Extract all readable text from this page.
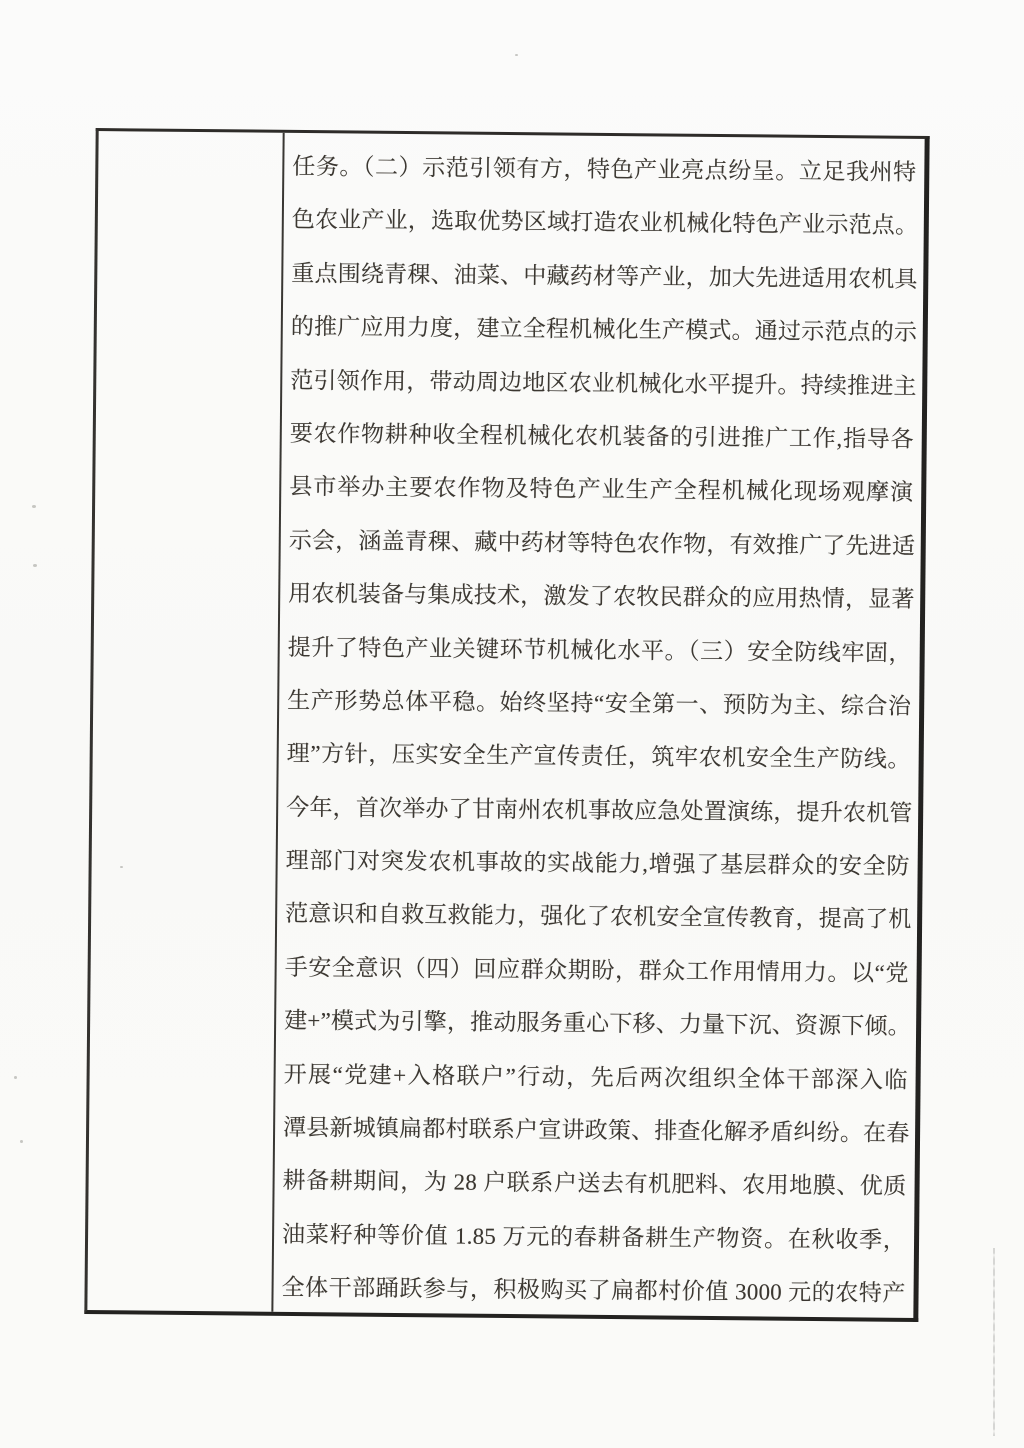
任务。（二）示范引领有方，特色产业亮点纷呈。立足我州特
色农业产业，选取优势区域打造农业机械化特色产业示范点。
重点围绕青稞、油菜、中藏药材等产业，加大先进适用农机具
的推广应用力度，建立全程机械化生产模式。通过示范点的示
范引领作用，带动周边地区农业机械化水平提升。持续推进主
要农作物耕种收全程机械化农机装备的引进推广工作,指导各
县市举办主要农作物及特色产业生产全程机械化现场观摩演
示会，涵盖青稞、藏中药材等特色农作物，有效推广了先进适
用农机装备与集成技术，激发了农牧民群众的应用热情，显著
提升了特色产业关键环节机械化水平。（三）安全防线牢固，
生产形势总体平稳。始终坚持“安全第一、预防为主、综合治
理”方针，压实安全生产宣传责任，筑牢农机安全生产防线。
今年，首次举办了甘南州农机事故应急处置演练，提升农机管
理部门对突发农机事故的实战能力,增强了基层群众的安全防
范意识和自救互救能力，强化了农机安全宣传教育，提高了机
手安全意识（四）回应群众期盼，群众工作用情用力。以“党
建+”模式为引擎，推动服务重心下移、力量下沉、资源下倾。
开展“党建+入格联户”行动，先后两次组织全体干部深入临
潭县新城镇扁都村联系户宣讲政策、排查化解矛盾纠纷。在春
耕备耕期间，为 28 户联系户送去有机肥料、农用地膜、优质
油菜籽种等价值 1.85 万元的春耕备耕生产物资。在秋收季，
全体干部踊跃参与，积极购买了扁都村价值 3000 元的农特产
